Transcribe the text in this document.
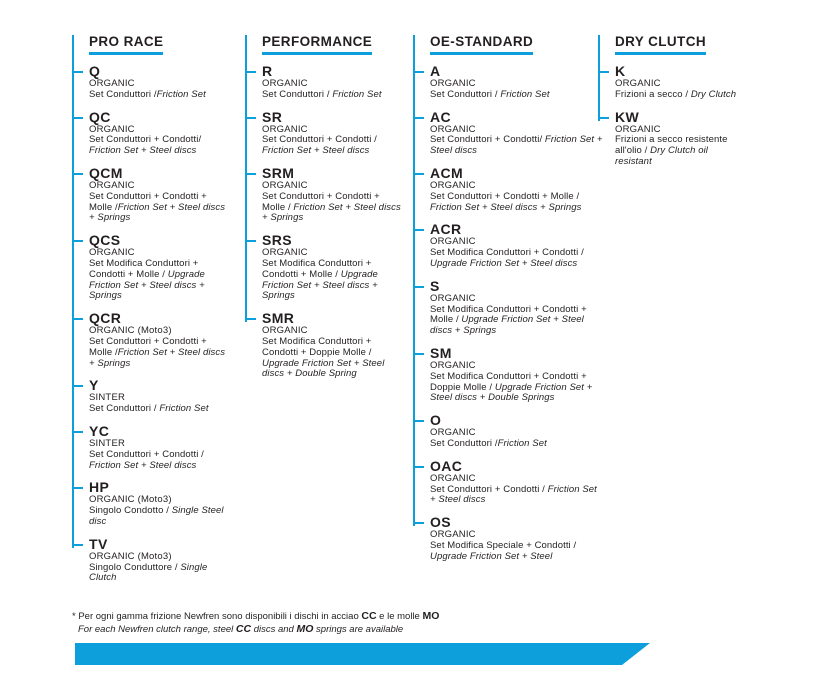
PRO RACE
Q
ORGANIC
Set Conduttori /Friction Set
QC
ORGANIC
Set Conduttori + Condotti/ Friction Set + Steel discs
QCM
ORGANIC
Set Conduttori + Condotti + Molle /Friction Set + Steel discs + Springs
QCS
ORGANIC
Set Modifica Conduttori + Condotti + Molle / Upgrade Friction Set + Steel discs + Springs
QCR
ORGANIC (Moto3)
Set Conduttori + Condotti + Molle /Friction Set + Steel discs + Springs
Y
SINTER
Set Conduttori / Friction Set
YC
SINTER
Set Conduttori + Condotti / Friction Set + Steel discs
HP
ORGANIC (Moto3)
Singolo Condotto / Single Steel disc
TV
ORGANIC (Moto3)
Singolo Conduttore / Single Clutch
PERFORMANCE
R
ORGANIC
Set Conduttori / Friction Set
SR
ORGANIC
Set Conduttori + Condotti / Friction Set + Steel discs
SRM
ORGANIC
Set Conduttori + Condotti + Molle / Friction Set + Steel discs + Springs
SRS
ORGANIC
Set Modifica Conduttori + Condotti + Molle / Upgrade Friction Set + Steel discs + Springs
SMR
ORGANIC
Set Modifica Conduttori + Condotti + Doppie Molle / Upgrade Friction Set + Steel discs + Double Spring
OE-STANDARD
A
ORGANIC
Set Conduttori / Friction Set
AC
ORGANIC
Set Conduttori + Condotti/ Friction Set + Steel discs
ACM
ORGANIC
Set Conduttori + Condotti + Molle / Friction Set + Steel discs + Springs
ACR
ORGANIC
Set Modifica Conduttori + Condotti / Upgrade Friction Set + Steel discs
S
ORGANIC
Set Modifica Conduttori + Condotti + Molle / Upgrade Friction Set + Steel discs + Springs
SM
ORGANIC
Set Modifica Conduttori + Condotti + Doppie Molle / Upgrade Friction Set + Steel discs + Double Springs
O
ORGANIC
Set Conduttori /Friction Set
OAC
ORGANIC
Set Conduttori + Condotti / Friction Set + Steel discs
OS
ORGANIC
Set Modifica Speciale + Condotti / Upgrade Friction Set + Steel
DRY CLUTCH
K
ORGANIC
Frizioni a secco / Dry Clutch
KW
ORGANIC
Frizioni a secco resistente all'olio / Dry Clutch oil resistant
* Per ogni gamma frizione Newfren sono disponibili i dischi in acciao CC e le molle MO
For each Newfren clutch range, steel CC discs and MO springs are available
